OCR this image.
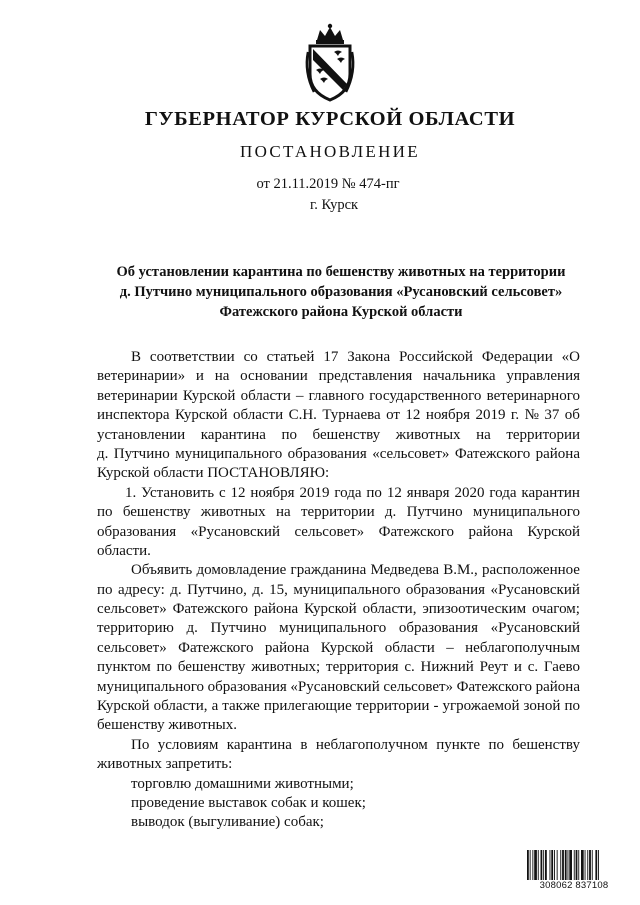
ГУБЕРНАТОР КУРСКОЙ ОБЛАСТИ
ПОСТАНОВЛЕНИЕ
от 21.11.2019 № 474-пг
г. Курск
Об установлении карантина по бешенству животных на территории
д. Путчино муниципального образования «Русановский сельсовет»
Фатежского района Курской области
В соответствии со статьей 17 Закона Российской Федерации «О
ветеринарии» и на основании представления начальника управления
ветеринарии Курской области – главного государственного ветеринарного
инспектора Курской области С.Н. Турнаева от 12 ноября 2019 г. № 37 об
установлении карантина по бешенству животных на территории
д. Путчино муниципального образования «сельсовет» Фатежского района
Курской области ПОСТАНОВЛЯЮ:
1. Установить с 12 ноября 2019 года по 12 января 2020 года карантин
по бешенству животных на территории д. Путчино муниципального
образования «Русановский сельсовет» Фатежского района Курской
области.
Объявить домовладение гражданина Медведева В.М., расположенное
по адресу: д. Путчино, д. 15, муниципального образования «Русановский
сельсовет» Фатежского района Курской области, эпизоотическим очагом;
территорию д. Путчино муниципального образования «Русановский
сельсовет» Фатежского района Курской области – неблагополучным
пунктом по бешенству животных; территория с. Нижний Реут и с. Гаево
муниципального образования «Русановский сельсовет» Фатежского района
Курской области, а также прилегающие территории - угрожаемой зоной по
бешенству животных.
По условиям карантина в неблагополучном пункте по бешенству
животных запретить:
торговлю домашними животными;
проведение выставок собак и кошек;
выводок (выгуливание) собак;
308062 837108
